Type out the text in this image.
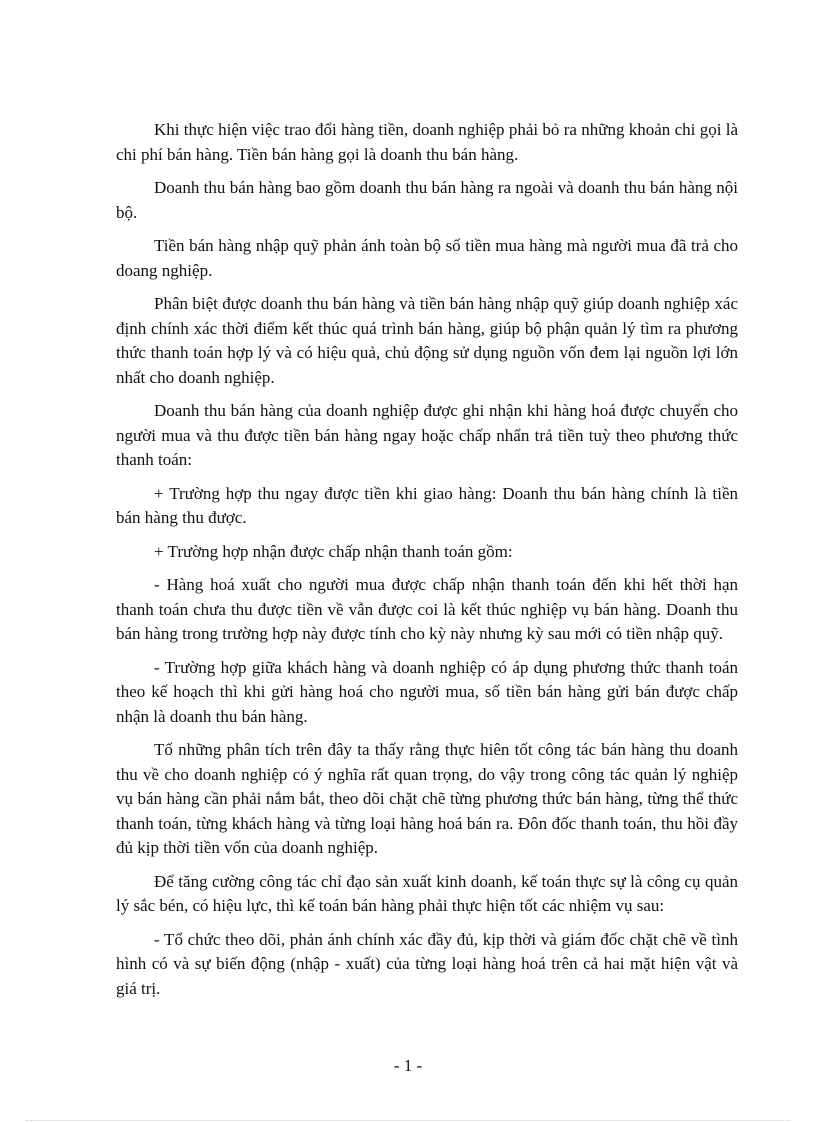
Khi thực hiện việc trao đổi hàng tiền, doanh nghiệp phải bỏ ra những khoản chi gọi là chi phí bán hàng. Tiền bán hàng gọi là doanh thu bán hàng.

Doanh thu bán hàng bao gồm doanh thu bán hàng ra ngoài và doanh thu bán hàng nội bộ.

Tiền bán hàng nhập quỹ phản ánh toàn bộ số tiền mua hàng mà người mua đã trả cho doang nghiệp.

Phân biệt được doanh thu bán hàng và tiền bán hàng nhập quỹ giúp doanh nghiệp xác định chính xác thời điểm kết thúc quá trình bán hàng, giúp bộ phận quản lý tìm ra phương thức thanh toán hợp lý và có hiệu quả, chủ động sử dụng nguồn vốn đem lại nguồn lợi lớn nhất cho doanh nghiệp.

Doanh thu bán hàng của doanh nghiệp được ghi nhận khi hàng hoá được chuyển cho người mua và thu được tiền bán hàng ngay hoặc chấp nhẩn trả tiền tuỳ theo phương thức thanh toán:

+ Trường hợp thu ngay được tiền khi giao hàng: Doanh thu bán hàng chính là tiền bán hàng thu được.

+ Trường hợp nhận được chấp nhận thanh toán gồm:

- Hàng hoá xuất cho người mua được chấp nhận thanh toán đến khi hết thời hạn thanh toán chưa thu được tiền về vẫn được coi là kết thúc nghiệp vụ bán hàng. Doanh thu bán hàng trong trường hợp này được tính cho kỳ này nhưng kỳ sau mới có tiền nhập quỹ.

- Trường hợp giữa khách hàng và doanh nghiệp có áp dụng phương thức thanh toán theo kế hoạch thì khi gửi hàng hoá cho người mua, số tiền bán hàng gửi bán được chấp nhận là doanh thu bán hàng.

Tố những phân tích trên đây ta thấy rằng thực hiên tốt công tác bán hàng thu doanh thu về cho doanh nghiệp có ý nghĩa rất quan trọng, do vậy trong công tác quản lý nghiệp vụ bán hàng cần phải nắm bắt, theo dõi chặt chẽ từng phương thức bán hàng, từng thể thức thanh toán, từng khách hàng và từng loại hàng hoá bán ra. Đôn đốc thanh toán, thu hồi đầy đủ kịp thời tiền vốn của doanh nghiệp.

Để tăng cường công tác chỉ đạo sản xuất kinh doanh, kế toán thực sự là công cụ quản lý sắc bén, có hiệu lực, thì kế toán bán hàng phải thực hiện tốt các nhiệm vụ sau:

- Tổ chức theo dõi, phản ánh chính xác đầy đủ, kịp thời và giám đốc chặt chẽ về tình hình có và sự biến động (nhập - xuất) của từng loại hàng hoá trên cả hai mặt hiện vật và giá trị.

- 1 -
